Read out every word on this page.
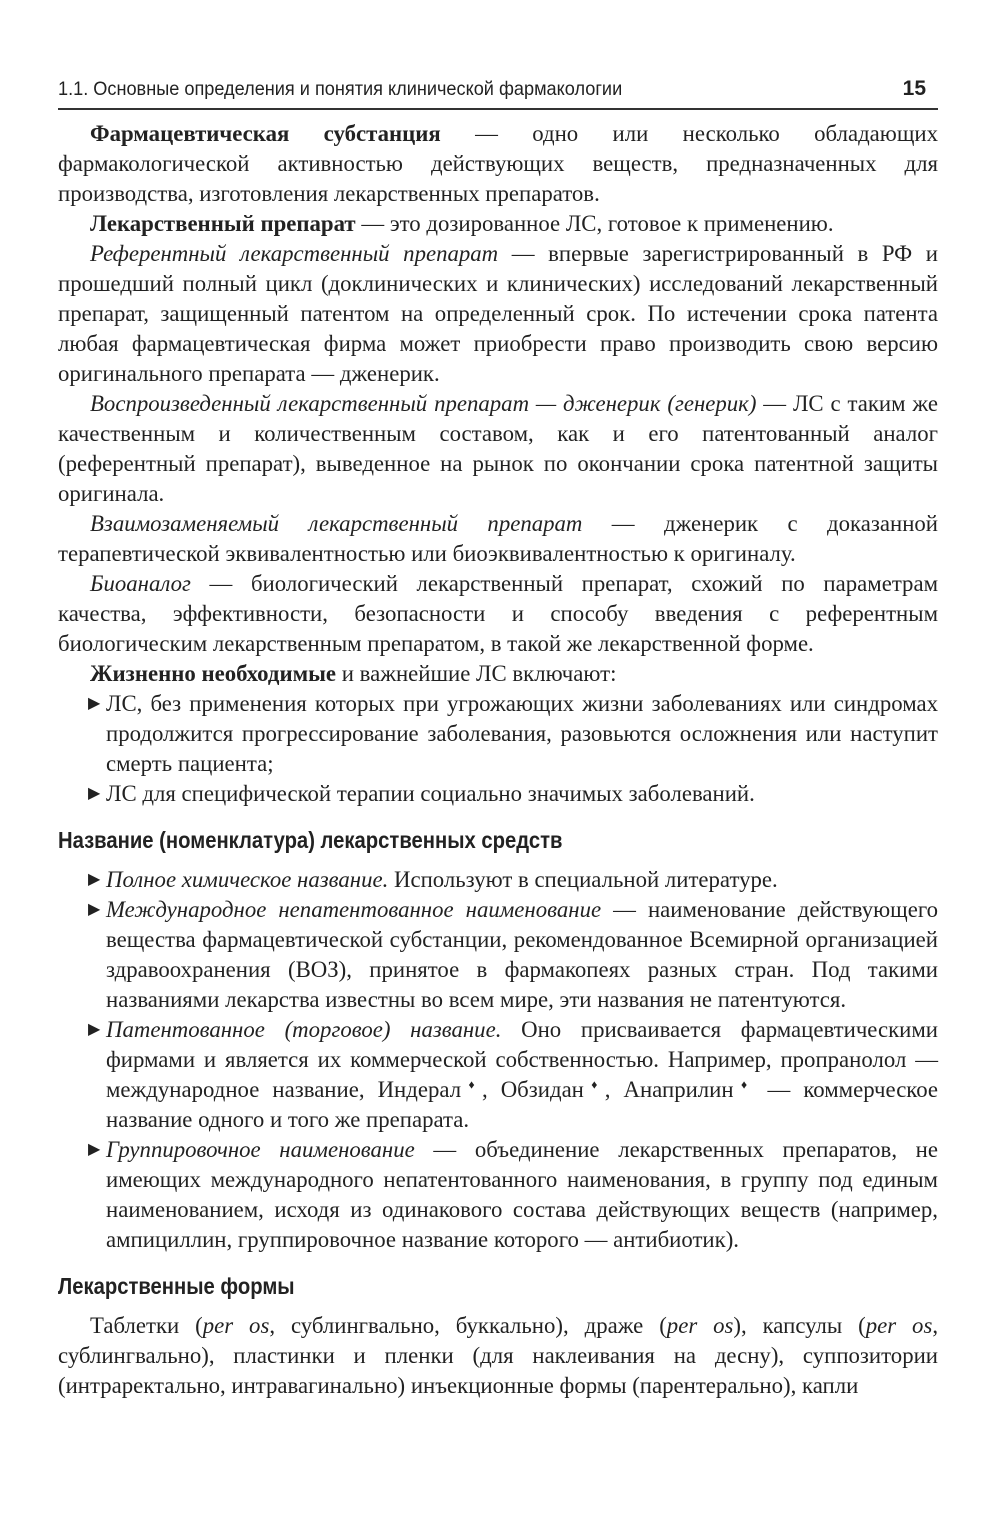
1.1. Основные определения и понятия клинической фармакологии	15

Фармацевтическая субстанция — одно или несколько обладающих фармакологической активностью действующих веществ, предназначенных для производства, изготовления лекарственных препаратов.

Лекарственный препарат — это дозированное ЛС, готовое к применению.

Референтный лекарственный препарат — впервые зарегистрированный в РФ и прошедший полный цикл (доклинических и клинических) исследований лекарственный препарат, защищенный патентом на определенный срок. По истечении срока патента любая фармацевтическая фирма может приобрести право производить свою версию оригинального препарата — дженерик.

Воспроизведенный лекарственный препарат — дженерик (генерик) — ЛС с таким же качественным и количественным составом, как и его патентованный аналог (референтный препарат), выведенное на рынок по окончании срока патентной защиты оригинала.

Взаимозаменяемый лекарственный препарат — дженерик с доказанной терапевтической эквивалентностью или биоэквивалентностью к оригиналу.

Биоаналог — биологический лекарственный препарат, схожий по параметрам качества, эффективности, безопасности и способу введения с референтным биологическим лекарственным препаратом, в такой же лекарственной форме.

Жизненно необходимые и важнейшие ЛС включают:

▶ ЛС, без применения которых при угрожающих жизни заболеваниях или синдромах продолжится прогрессирование заболевания, разовьются осложнения или наступит смерть пациента;
▶ ЛС для специфической терапии социально значимых заболеваний.
Название (номенклатура) лекарственных средств
▶ Полное химическое название. Используют в специальной литературе.
▶ Международное непатентованное наименование — наименование действующего вещества фармацевтической субстанции, рекомендованное Всемирной организацией здравоохранения (ВОЗ), принятое в фармакопеях разных стран. Под такими названиями лекарства известны во всем мире, эти названия не патентуются.
▶ Патентованное (торговое) название. Оно присваивается фармацевтическими фирмами и является их коммерческой собственностью. Например, пропранолол — международное название, Индерал♦, Обзидан♦, Анаприлин♦ — коммерческое название одного и того же препарата.
▶ Группировочное наименование — объединение лекарственных препаратов, не имеющих международного непатентованного наименования, в группу под единым наименованием, исходя из одинакового состава действующих веществ (например, ампициллин, группировочное название которого — антибиотик).
Лекарственные формы

Таблетки (per os, сублингвально, буккально), драже (per os), капсулы (per os, сублингвально), пластинки и пленки (для наклеивания на десну), суппозитории (интраректально, интравагинально) инъекционные формы (парентерально), капли
